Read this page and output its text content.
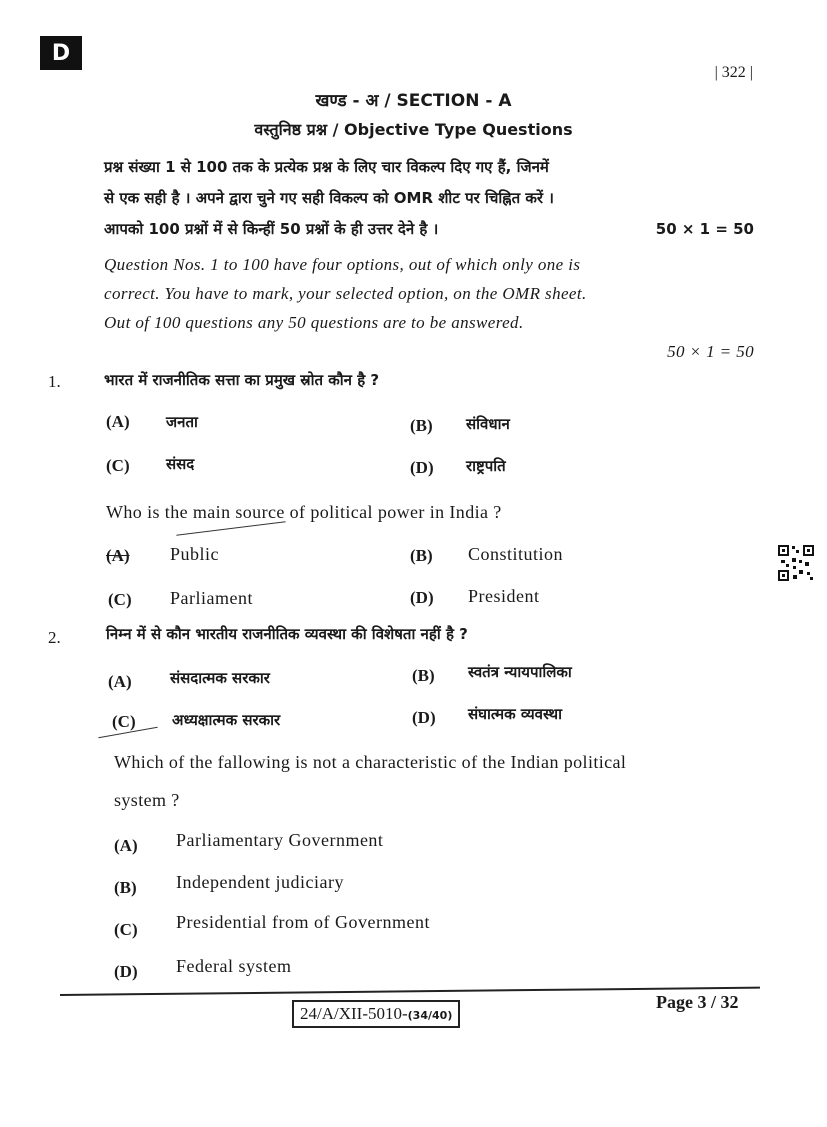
D
| 322 |
खण्ड - अ / SECTION - A
वस्तुनिष्ठ प्रश्न / Objective Type Questions
प्रश्न संख्या 1 से 100 तक के प्रत्येक प्रश्न के लिए चार विकल्प दिए गए हैं, जिनमें
से एक सही है । अपने द्वारा चुने गए सही विकल्प को OMR शीट पर चिह्नित करें ।
आपको 100 प्रश्नों में से किन्हीं 50 प्रश्नों के ही उत्तर देने है ।	50 × 1 = 50
Question Nos. 1 to 100 have four options, out of which only one is
correct. You have to mark, your selected option, on the OMR sheet.
Out of 100 questions any 50 questions are to be answered.
50 × 1 = 50
1.	भारत में राजनीतिक सत्ता का प्रमुख स्रोत कौन है ?
(A) जनता	(B) संविधान
(C) संसद	(D) राष्ट्रपति
Who is the main source of political power in India ?
(A) Public	(B) Constitution
(C) Parliament	(D) President
2.	निम्न में से कौन भारतीय राजनीतिक व्यवस्था की विशेषता नहीं है ?
(A)	संसदात्मक सरकार	(B) स्वतंत्र न्यायपालिका
(C) अध्यक्षात्मक सरकार	(D) संघात्मक व्यवस्था
Which of the fallowing is not a characteristic of the Indian political
system ?
(A) Parliamentary Government
(B) Independent judiciary
(C) Presidential from of Government
(D) Federal system
24/A/XII-5010-(34/40)
Page 3 / 32
